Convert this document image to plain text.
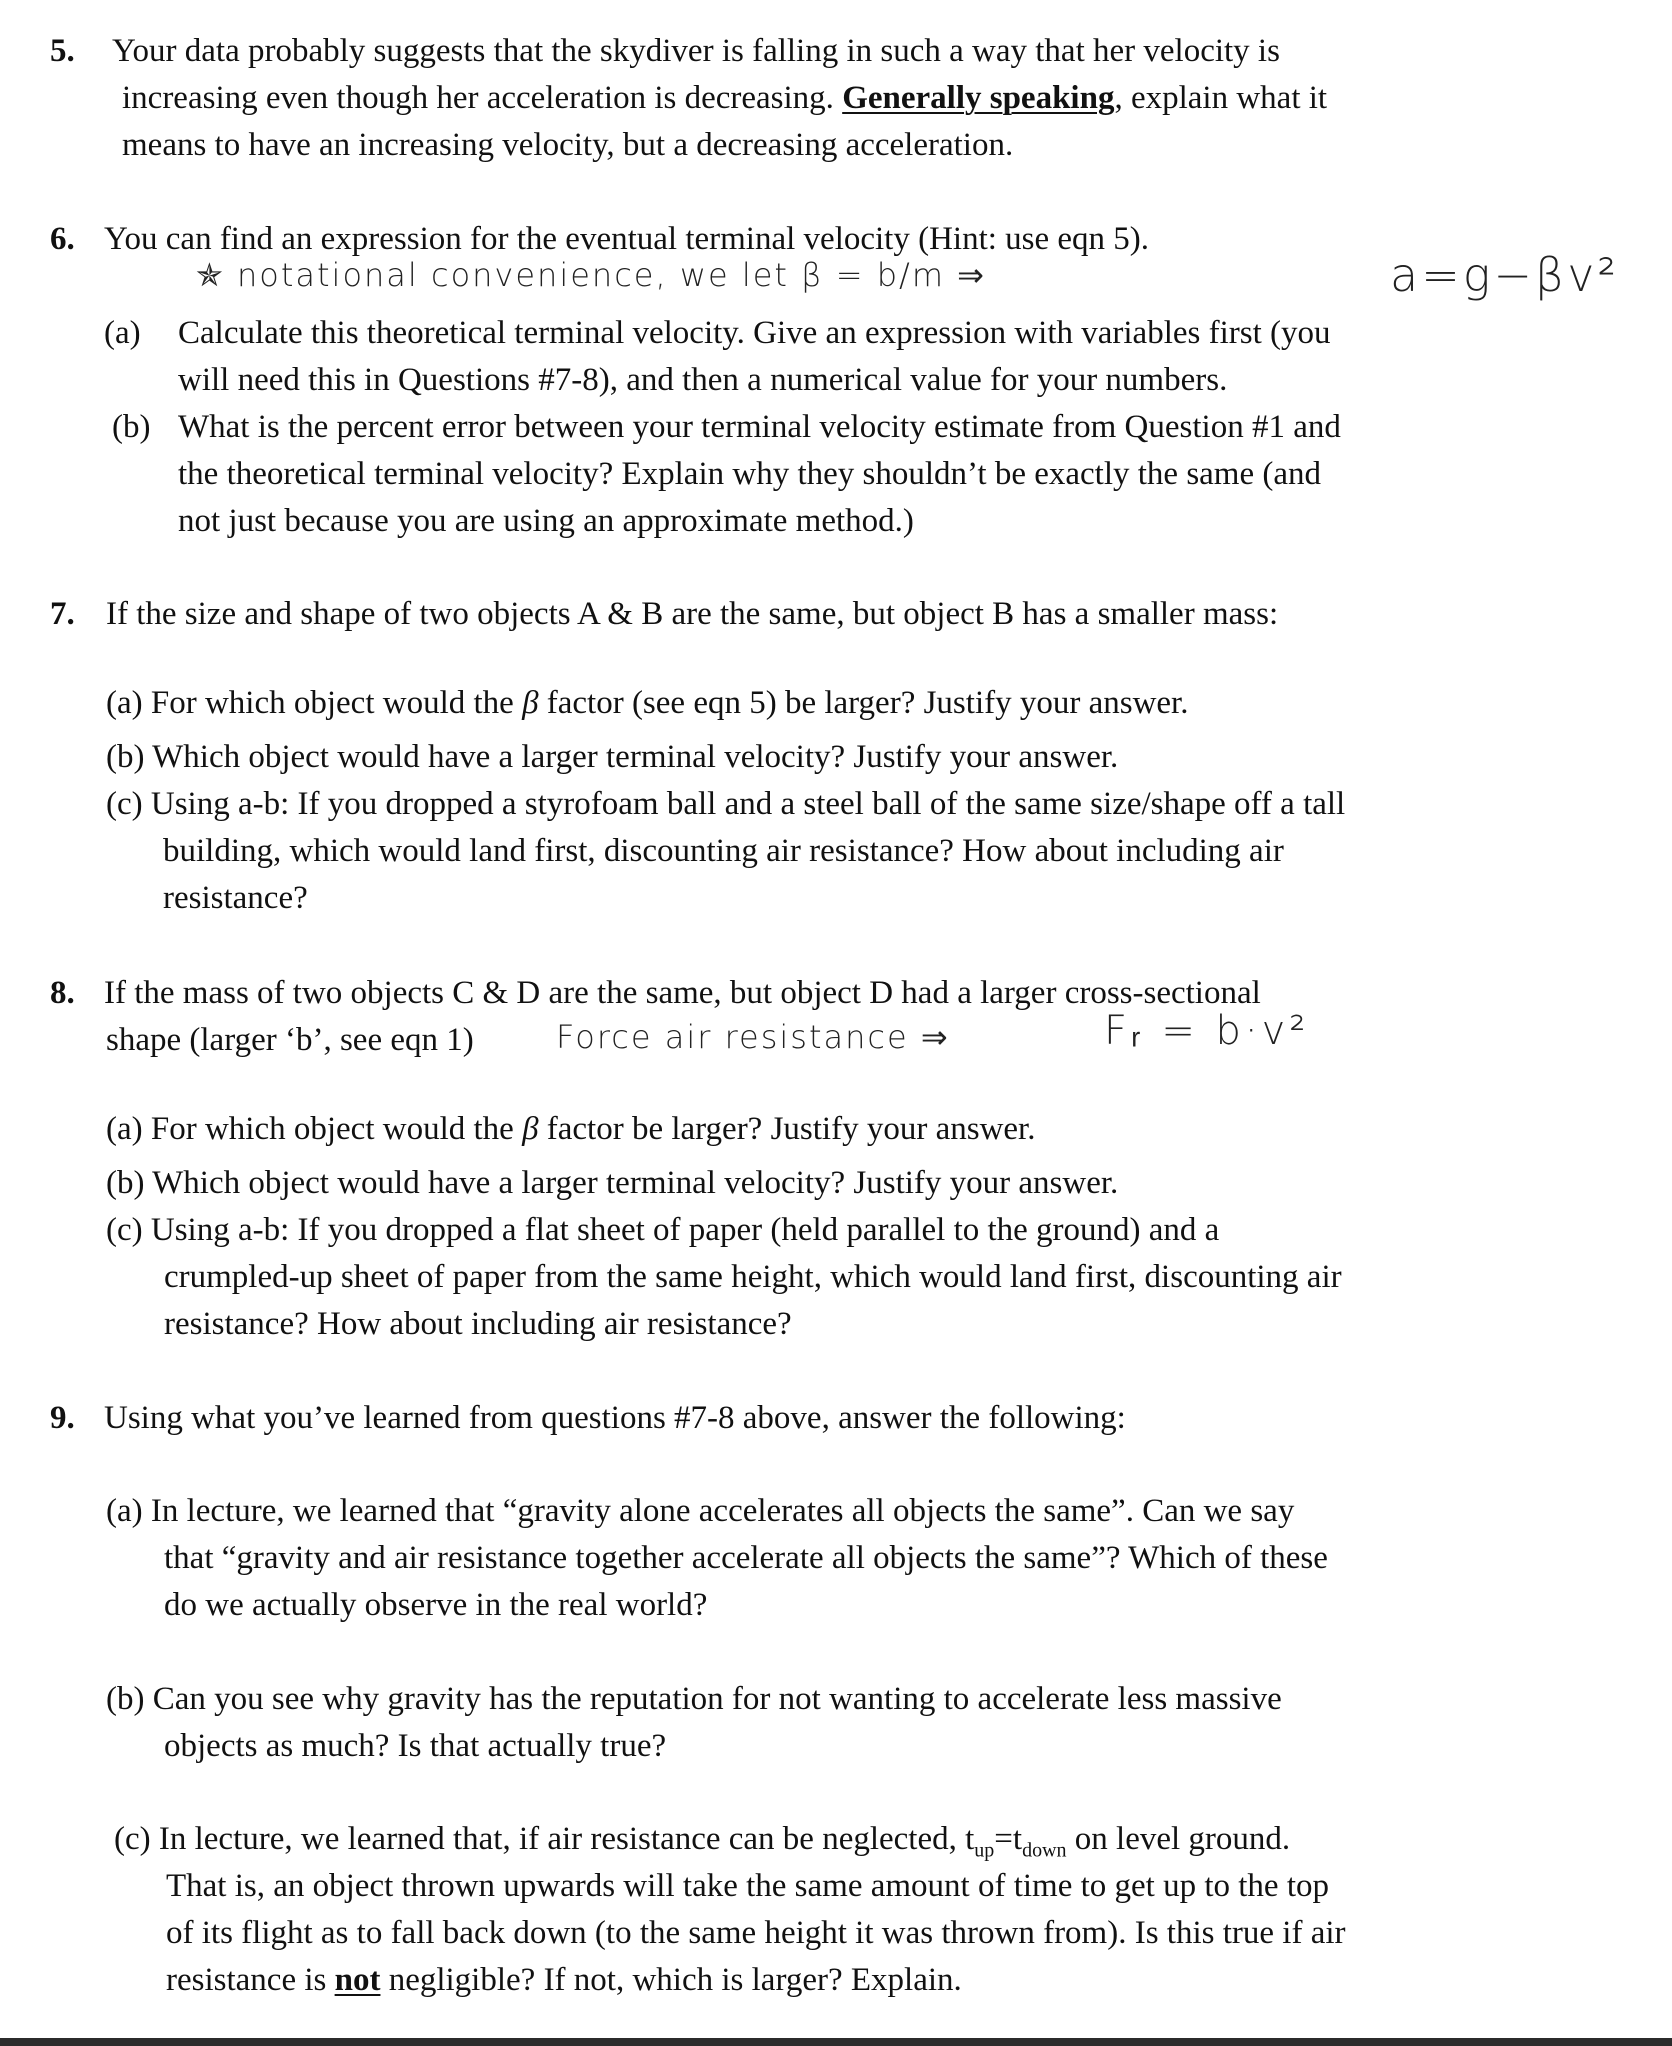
5. Your data probably suggests that the skydiver is falling in such a way that her velocity is
increasing even though her acceleration is decreasing. Generally speaking, explain what it
means to have an increasing velocity, but a decreasing acceleration.
6. You can find an expression for the eventual terminal velocity (Hint: use eqn 5).
✯ notational convenience, we let β = b/m ⇒	a=g−βv²
(a) Calculate this theoretical terminal velocity. Give an expression with variables first (you
will need this in Questions #7-8), and then a numerical value for your numbers.
(b) What is the percent error between your terminal velocity estimate from Question #1 and
the theoretical terminal velocity? Explain why they shouldn’t be exactly the same (and
not just because you are using an approximate method.)
7. If the size and shape of two objects A & B are the same, but object B has a smaller mass:
(a) For which object would the β factor (see eqn 5) be larger? Justify your answer.
(b) Which object would have a larger terminal velocity? Justify your answer.
(c) Using a-b: If you dropped a styrofoam ball and a steel ball of the same size/shape off a tall
building, which would land first, discounting air resistance? How about including air
resistance?
8. If the mass of two objects C & D are the same, but object D had a larger cross-sectional
shape (larger ‘b’, see eqn 1)	Force air resistance ⇒	Fᵣ = b·v²
(a) For which object would the β factor be larger? Justify your answer.
(b) Which object would have a larger terminal velocity? Justify your answer.
(c) Using a-b: If you dropped a flat sheet of paper (held parallel to the ground) and a
crumpled-up sheet of paper from the same height, which would land first, discounting air
resistance? How about including air resistance?
9. Using what you’ve learned from questions #7-8 above, answer the following:
(a) In lecture, we learned that “gravity alone accelerates all objects the same”. Can we say
that “gravity and air resistance together accelerate all objects the same”? Which of these
do we actually observe in the real world?
(b) Can you see why gravity has the reputation for not wanting to accelerate less massive
objects as much? Is that actually true?
(c) In lecture, we learned that, if air resistance can be neglected, $t_{up}=t_{down}$ on level ground.
That is, an object thrown upwards will take the same amount of time to get up to the top
of its flight as to fall back down (to the same height it was thrown from). Is this true if air
resistance is not negligible? If not, which is larger? Explain.
